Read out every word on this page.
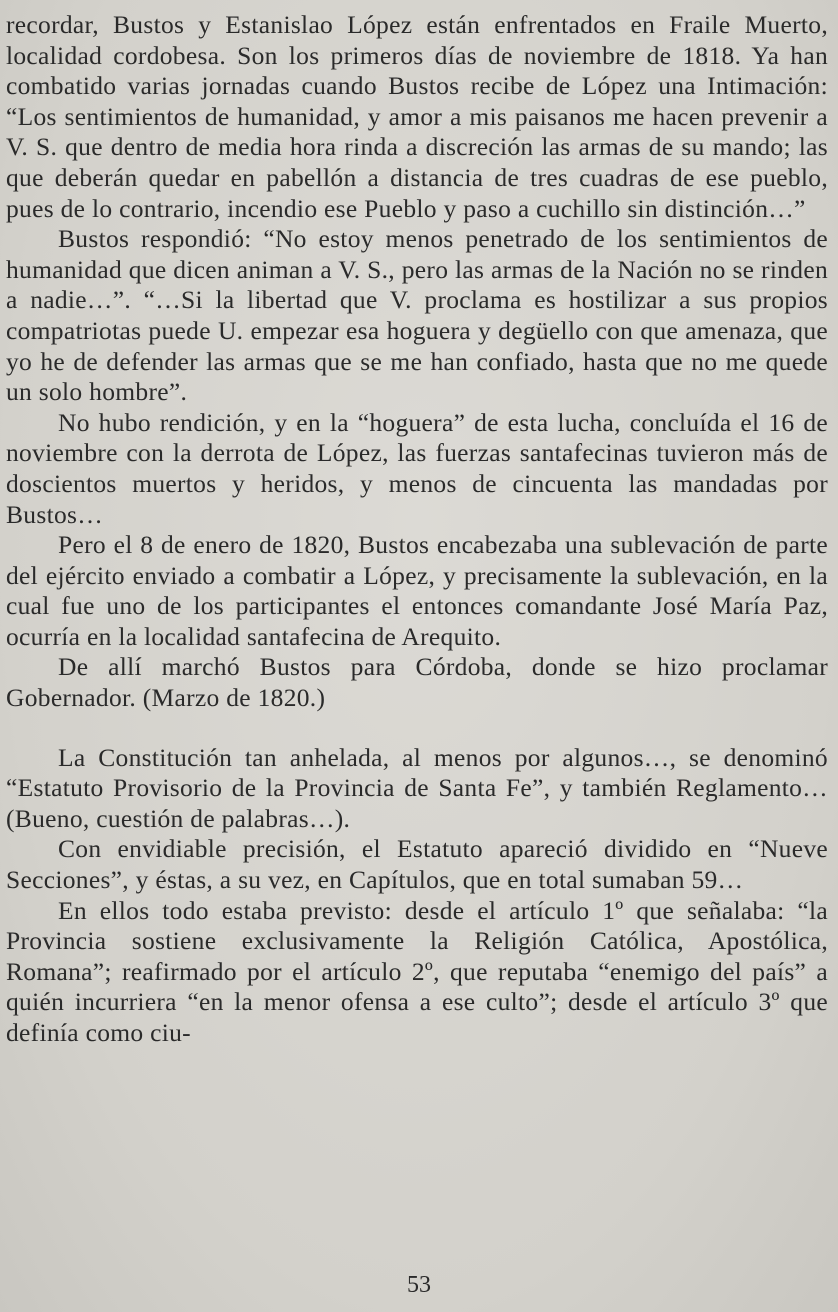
recordar, Bustos y Estanislao López están enfrentados en Fraile Muerto, localidad cordobesa. Son los primeros días de noviembre de 1818. Ya han combatido varias jornadas cuando Bustos recibe de López una Intimación: “Los sentimientos de humanidad, y amor a mis paisanos me hacen prevenir a V. S. que dentro de media hora rinda a discreción las armas de su mando; las que deberán quedar en pabellón a distancia de tres cuadras de ese pueblo, pues de lo contrario, incendio ese Pueblo y paso a cuchillo sin distinción…”

Bustos respondió: “No estoy menos penetrado de los sentimientos de humanidad que dicen animan a V. S., pero las armas de la Nación no se rinden a nadie…”. “…Si la libertad que V. proclama es hostilizar a sus propios compatriotas puede U. empezar esa hoguera y degüello con que amenaza, que yo he de defender las armas que se me han confiado, hasta que no me quede un solo hombre”.

No hubo rendición, y en la “hoguera” de esta lucha, concluída el 16 de noviembre con la derrota de López, las fuerzas santafecinas tuvieron más de doscientos muertos y heridos, y menos de cincuenta las mandadas por Bustos…

Pero el 8 de enero de 1820, Bustos encabezaba una sublevación de parte del ejército enviado a combatir a López, y precisamente la sublevación, en la cual fue uno de los participantes el entonces comandante José María Paz, ocurría en la localidad santafecina de Arequito.

De allí marchó Bustos para Córdoba, donde se hizo proclamar Gobernador. (Marzo de 1820.)

La Constitución tan anhelada, al menos por algunos…, se denominó “Estatuto Provisorio de la Provincia de Santa Fe”, y también Reglamento… (Bueno, cuestión de palabras…).

Con envidiable precisión, el Estatuto apareció dividido en “Nueve Secciones”, y éstas, a su vez, en Capítulos, que en total sumaban 59…

En ellos todo estaba previsto: desde el artículo 1º que señalaba: “la Provincia sostiene exclusivamente la Religión Católica, Apostólica, Romana”; reafirmado por el artículo 2º, que reputaba “enemigo del país” a quién incurriera “en la menor ofensa a ese culto”; desde el artículo 3º que definía como ciu-

53
